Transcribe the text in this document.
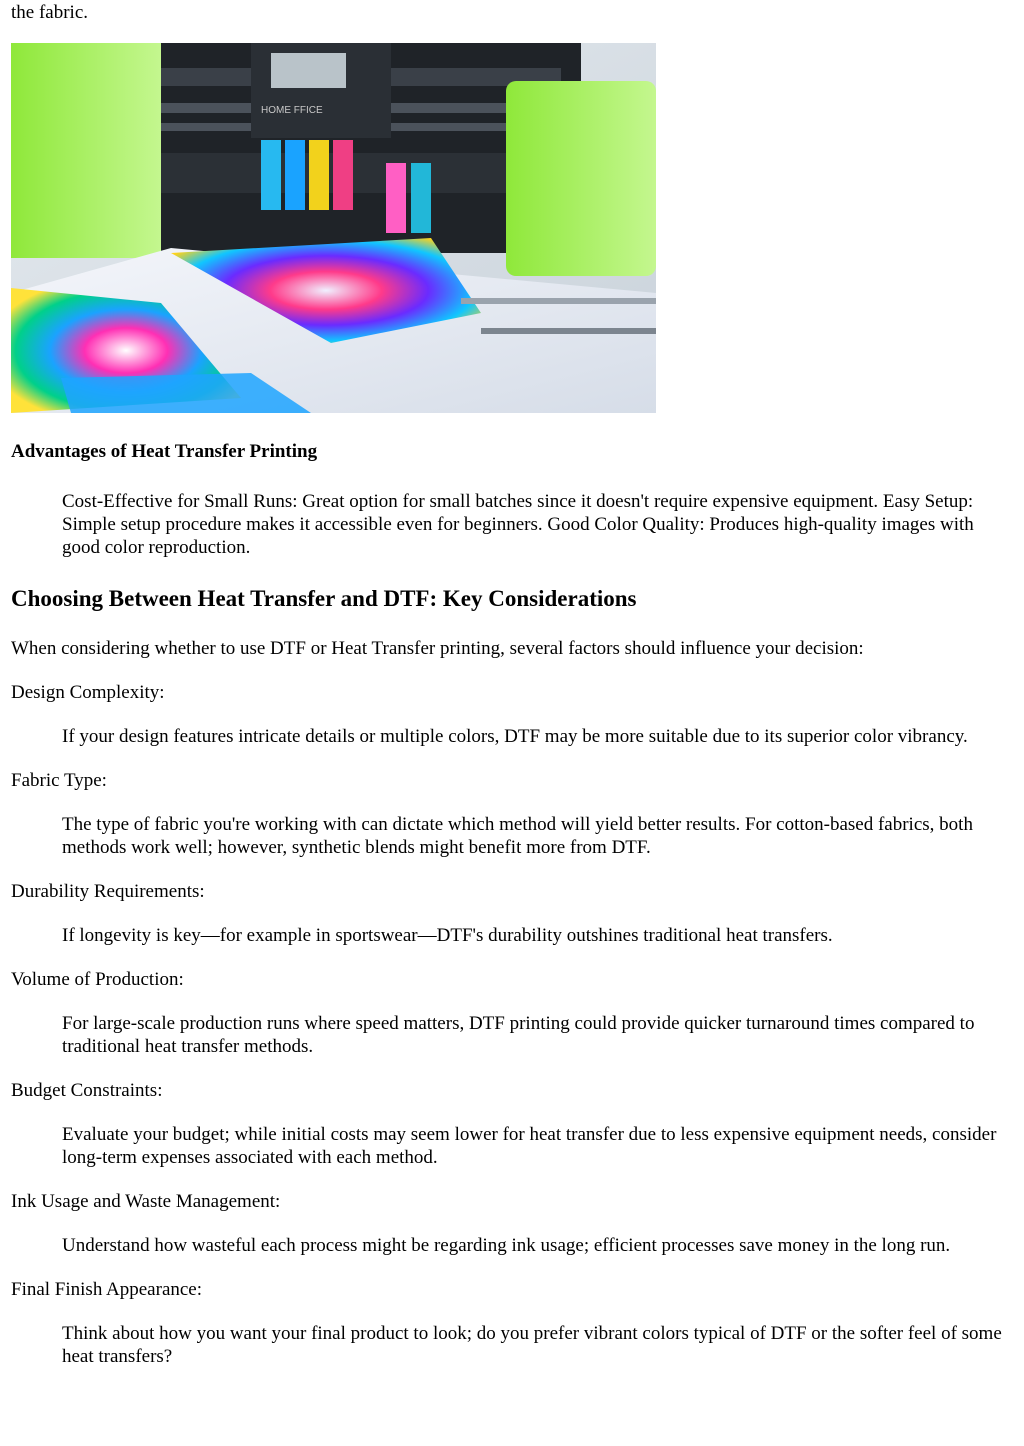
the fabric.

HOME FFICE

Advantages of Heat Transfer Printing

Cost-Effective for Small Runs: Great option for small batches since it doesn't require expensive equipment. Easy Setup: Simple setup procedure makes it accessible even for beginners. Good Color Quality: Produces high-quality images with good color reproduction.

Choosing Between Heat Transfer and DTF: Key Considerations

When considering whether to use DTF or Heat Transfer printing, several factors should influence your decision:

Design Complexity:

If your design features intricate details or multiple colors, DTF may be more suitable due to its superior color vibrancy.

Fabric Type:

The type of fabric you're working with can dictate which method will yield better results. For cotton-based fabrics, both methods work well; however, synthetic blends might benefit more from DTF.

Durability Requirements:

If longevity is key—for example in sportswear—DTF's durability outshines traditional heat transfers.

Volume of Production:

For large-scale production runs where speed matters, DTF printing could provide quicker turnaround times compared to traditional heat transfer methods.

Budget Constraints:

Evaluate your budget; while initial costs may seem lower for heat transfer due to less expensive equipment needs, consider long-term expenses associated with each method.

Ink Usage and Waste Management:

Understand how wasteful each process might be regarding ink usage; efficient processes save money in the long run.

Final Finish Appearance:

Think about how you want your final product to look; do you prefer vibrant colors typical of DTF or the softer feel of some heat transfers?
